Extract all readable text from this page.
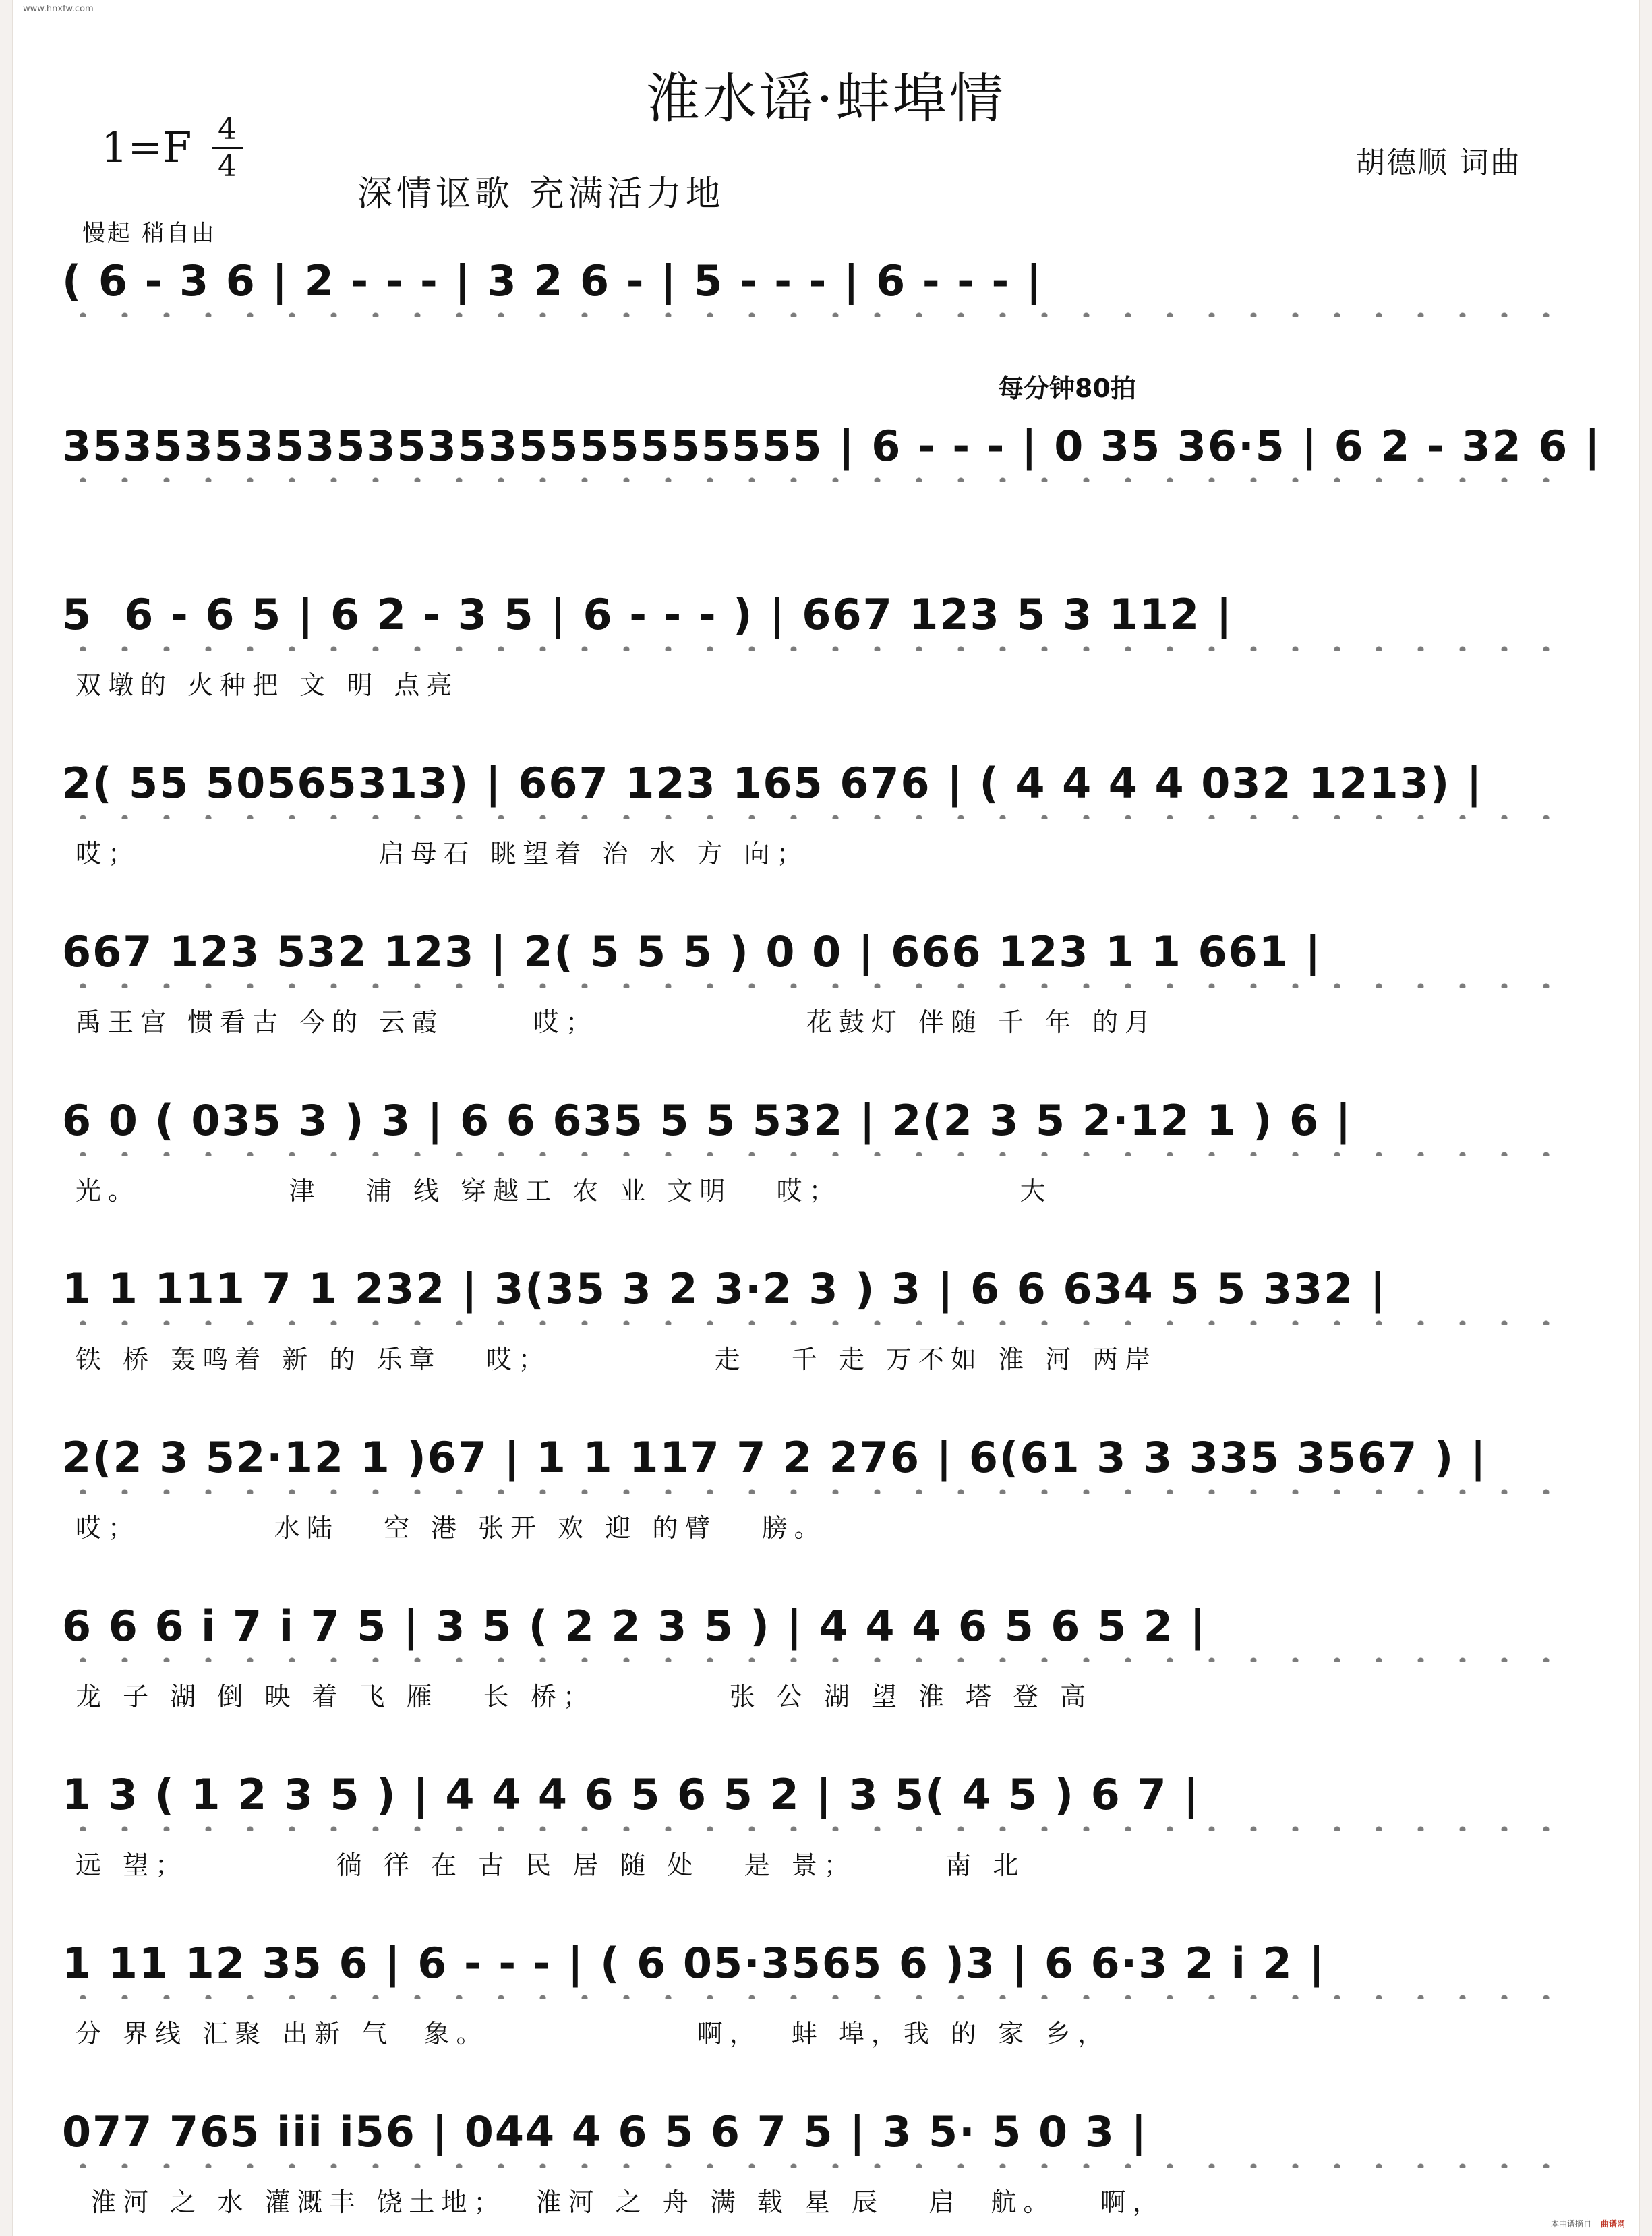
www.hnxfw.com
淮水谣·蚌埠情
1=F 4
4
深情讴歌 充满活力地
胡德顺 词曲
慢起 稍自由
每分钟80拍
( 6 - 3 6 | 2 - - - | 3 2 6 - | 5 - - - | 6 - - - |
3535353535353535555555555 | 6 - - - | 0 35 36·5 | 6 2 - 32 6 |
5  6 - 6 5 | 6 2 - 3 5 | 6 - - - ) | 667 123 5 3 112 |
双墩的 火种把 文 明 点亮
2( 55 50565313) | 667 123 165 676 | ( 4 4 4 4 032 1213) |
哎；                启母石 眺望着 治 水 方 向；
667 123 532 123 | 2( 5 5 5 ) 0 0 | 666 123 1 1 661 |
禹王宫 惯看古 今的 云霞      哎；              花鼓灯 伴随 千 年 的月
6 0 ( 035 3 ) 3 | 6 6 635 5 5 532 | 2(2 3 5 2·12 1 ) 6 |
光。          津   浦 线 穿越工 农 业 文明   哎；            大
1 1 111 7 1 232 | 3(35 3 2 3·2 3 ) 3 | 6 6 634 5 5 332 |
铁 桥 轰鸣着 新 的 乐章   哎；           走   千 走 万不如 淮 河 两岸
2(2 3 52·12 1 )67 | 1 1 117 7 2 276 | 6(61 3 3 335 3567 ) |
哎；         水陆   空 港 张开 欢 迎 的臂   膀。
6 6 6 i 7 i 7 5 | 3 5 ( 2 2 3 5 ) | 4 4 4 6 5 6 5 2 |
龙 子 湖 倒 映 着 飞 雁   长 桥；         张 公 湖 望 淮 塔 登 高
1 3 ( 1 2 3 5 ) | 4 4 4 6 5 6 5 2 | 3 5( 4 5 ) 6 7 |
远 望；          徜 徉 在 古 民 居 随 处   是 景；      南 北
1 11 12 35 6 | 6 - - - | ( 6 05·3565 6 )3 | 6 6·3 2 i 2 |
分 界线 汇聚 出新 气  象。              啊，  蚌 埠，我 的 家 乡，
077 765 iii i56 | 044 4 6 5 6 7 5 | 3 5· 5 0 3 |
淮河 之 水 灌溉丰 饶土地；  淮河 之 舟 满 载 星 辰   启  航。   啊，
本曲谱摘自 曲谱网
